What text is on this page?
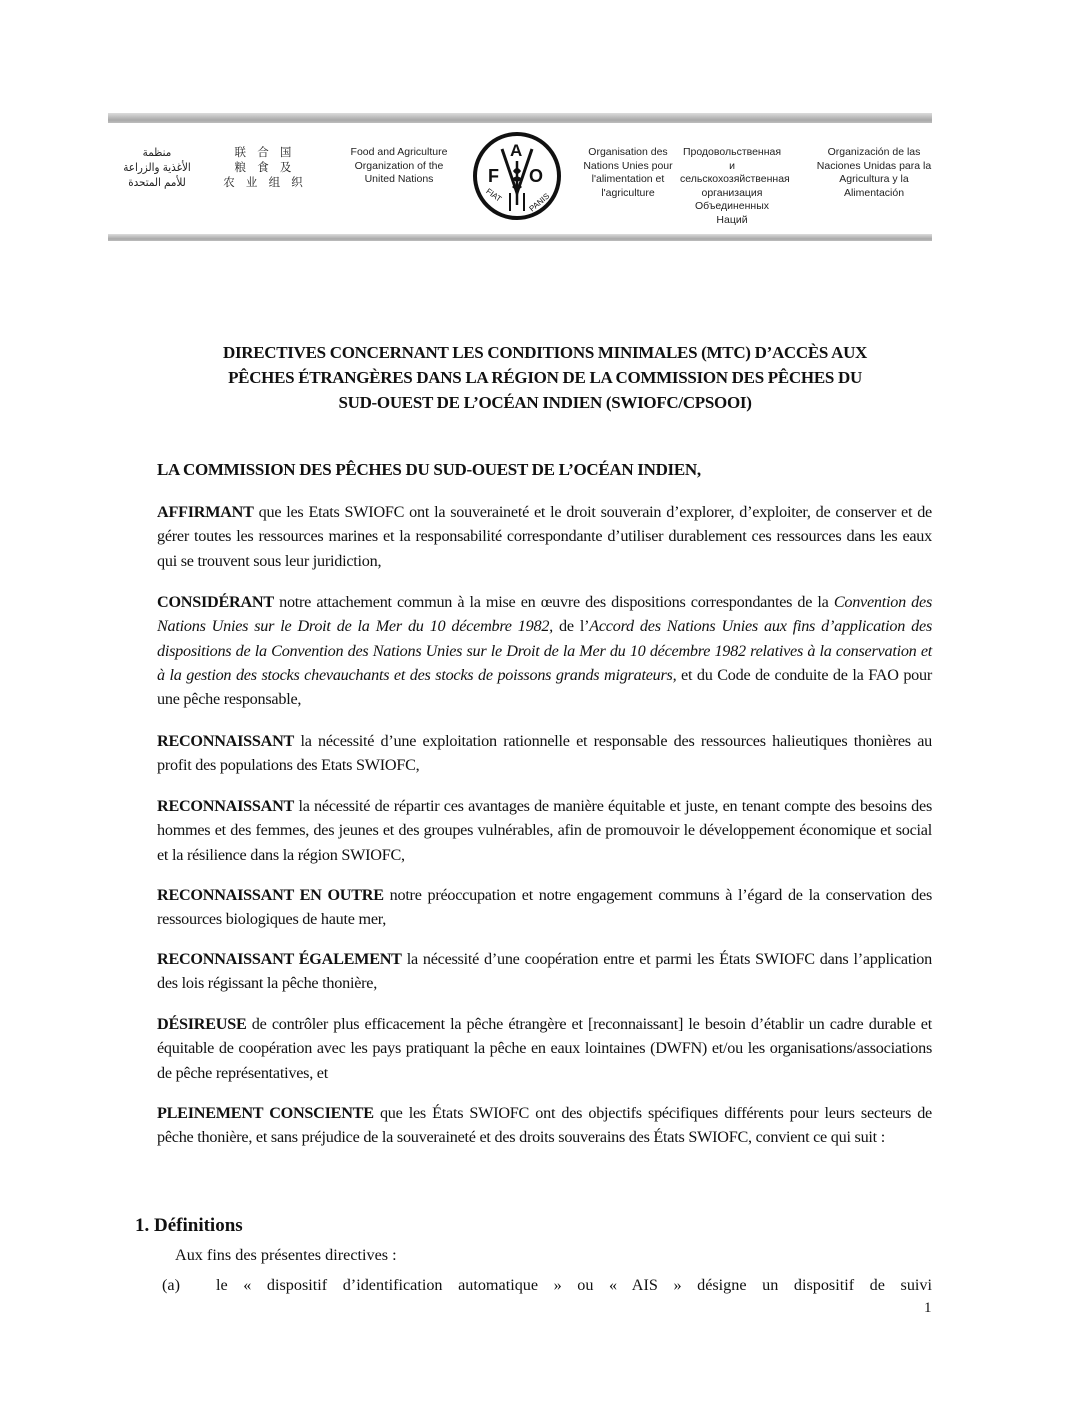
منظمة
الأغذية والزراعة
للأمم المتحدة
联 合 国
粮 食 及
农 业 组 织
Food and Agriculture
Organization of the
United Nations	F
A
O
FIAT	PANIS
Organisation des
Nations Unies pour
l'alimentation et
l'agriculture
Продовольственная и
сельскохозяйственная
организация
Объединенных Наций
Organización de las
Naciones Unidas para la
Agricultura y la
Alimentación
DIRECTIVES CONCERNANT LES CONDITIONS MINIMALES (MTC) D’ACCÈS AUX
PÊCHES ÉTRANGÈRES DANS LA RÉGION DE LA COMMISSION DES PÊCHES DU
SUD-OUEST DE L’OCÉAN INDIEN (SWIOFC/CPSOOI)
LA COMMISSION DES PÊCHES DU SUD-OUEST DE L’OCÉAN INDIEN,
AFFIRMANT que les Etats SWIOFC ont la souveraineté et le droit souverain d’explorer, d’exploiter, de conserver et de gérer toutes les ressources marines et la responsabilité correspondante d’utiliser durablement ces ressources dans les eaux qui se trouvent sous leur juridiction,
CONSIDÉRANT notre attachement commun à la mise en œuvre des dispositions correspondantes de la Convention des Nations Unies sur le Droit de la Mer du 10 décembre 1982, de l’Accord des Nations Unies aux fins d’application des dispositions de la Convention des Nations Unies sur le Droit de la Mer du 10 décembre 1982 relatives à la conservation et à la gestion des stocks chevauchants et des stocks de poissons grands migrateurs, et du Code de conduite de la FAO pour une pêche responsable,
RECONNAISSANT la nécessité d’une exploitation rationnelle et responsable des ressources halieutiques thonières au profit des populations des Etats SWIOFC,
RECONNAISSANT la nécessité de répartir ces avantages de manière équitable et juste, en tenant compte des besoins des hommes et des femmes, des jeunes et des groupes vulnérables, afin de promouvoir le développement économique et social et la résilience dans la région SWIOFC,
RECONNAISSANT EN OUTRE notre préoccupation et notre engagement communs à l’égard de la conservation des ressources biologiques de haute mer,
RECONNAISSANT ÉGALEMENT la nécessité d’une coopération entre et parmi les États SWIOFC dans l’application des lois régissant la pêche thonière,
DÉSIREUSE de contrôler plus efficacement la pêche étrangère et [reconnaissant] le besoin d’établir un cadre durable et équitable de coopération avec les pays pratiquant la pêche en eaux lointaines (DWFN) et/ou les organisations/associations de pêche représentatives, et
PLEINEMENT CONSCIENTE que les États SWIOFC ont des objectifs spécifiques différents pour leurs secteurs de pêche thonière, et sans préjudice de la souveraineté et des droits souverains des États SWIOFC, convient ce qui suit :
1. Définitions
Aux fins des présentes directives :
(a)	le « dispositif d’identification automatique » ou « AIS » désigne un dispositif de suivi
1
